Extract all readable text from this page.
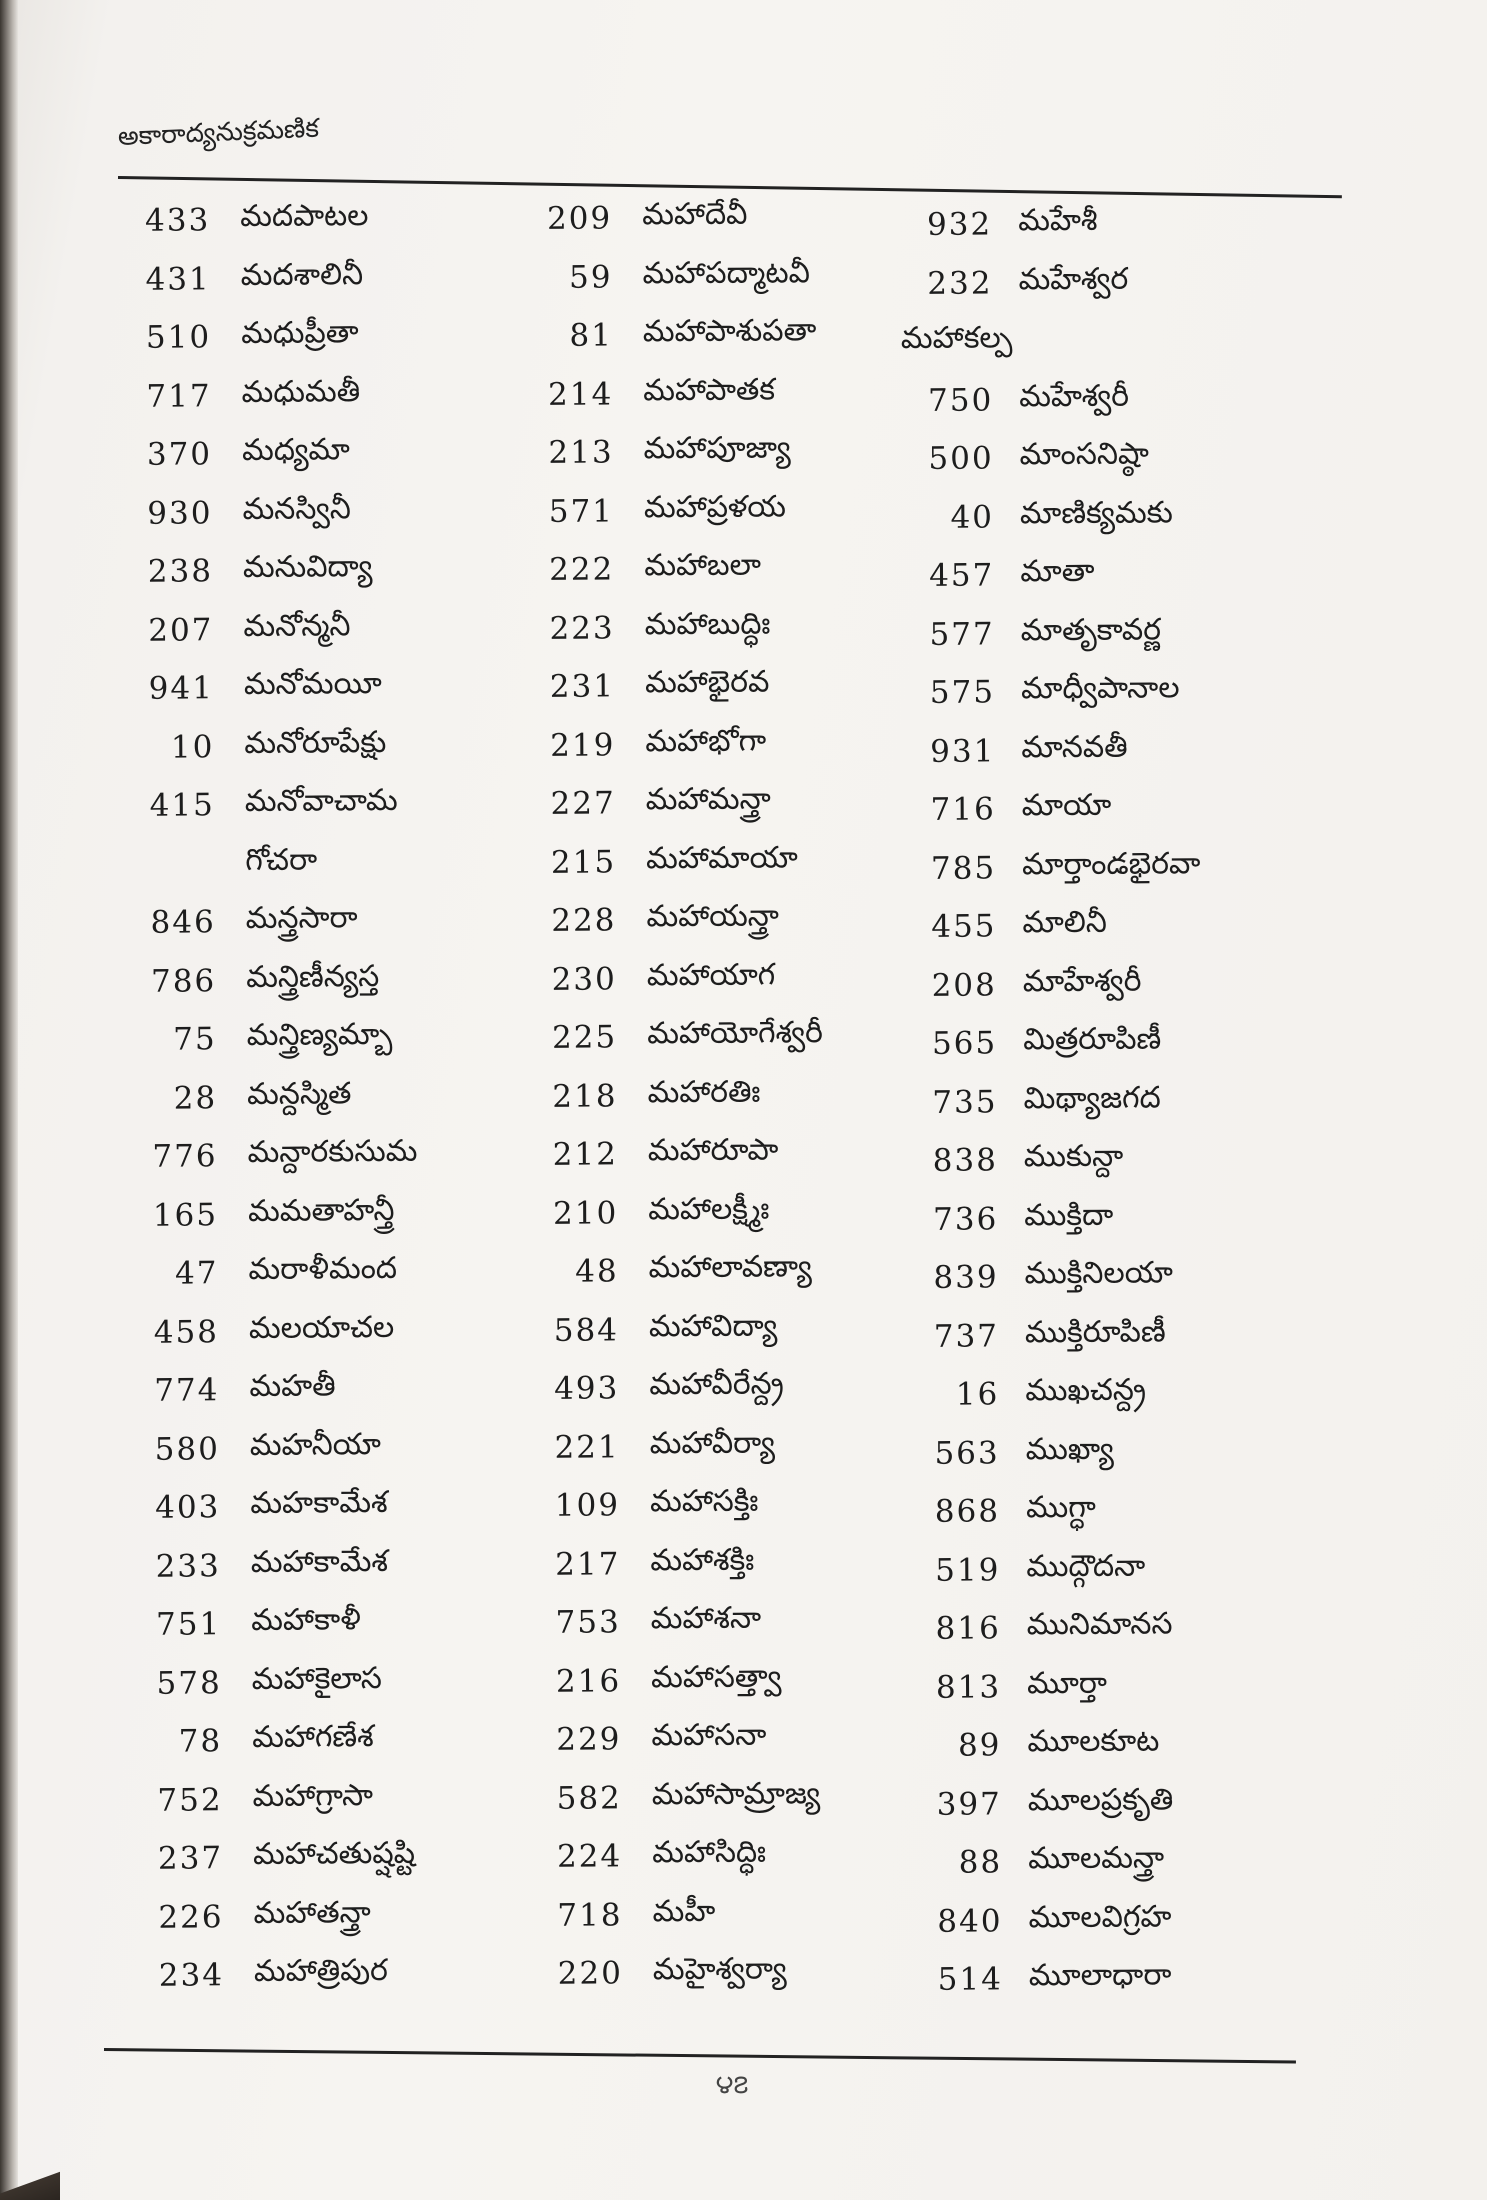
అకారాద్యనుక్రమణిక
433 మదపాటల
431 మదశాలినీ
510 మధుప్రీతా
717 మధుమతీ
370 మధ్యమా
930 మనస్వినీ
238 మనువిద్యా
207 మనోన్మనీ
941 మనోమయీ
10 మనోరూపేక్షు
415 మనోవాచామ
గోచరా
846 మన్త్రసారా
786 మన్త్రిణీన్యస్త
75 మన్త్రిణ్యమ్బా
28 మన్దస్మిత
776 మన్దారకుసుమ
165 మమతాహన్త్రీ
47 మరాళీమంద
458 మలయాచల
774 మహతీ
580 మహనీయా
403 మహకామేశ
233 మహాకామేశ
751 మహాకాళీ
578 మహాకైలాస
78 మహాగణేశ
752 మహాగ్రాసా
237 మహాచతుష్షష్టి
226 మహాతన్త్రా
234 మహాత్రిపుర
209 మహాదేవీ
59 మహాపద్మాటవీ
81 మహాపాశుపతా
214 మహాపాతక
213 మహాపూజ్యా
571 మహాప్రళయ
222 మహాబలా
223 మహాబుద్ధిః
231 మహాభైరవ
219 మహాభోగా
227 మహామన్త్రా
215 మహామాయా
228 మహాయన్త్రా
230 మహాయాగ
225 మహాయోగేశ్వరీ
218 మహారతిః
212 మహారూపా
210 మహాలక్ష్మీః
48 మహాలావణ్యా
584 మహావిద్యా
493 మహావీరేన్ద్ర
221 మహావీర్యా
109 మహాసక్తిః
217 మహాశక్తిః
753 మహాశనా
216 మహాసత్త్వా
229 మహాసనా
582 మహాసామ్రాజ్య
224 మహాసిద్ధిః
718 మహీ
220 మహైశ్వర్యా
932 మహేశీ
232 మహేశ్వర
మహాకల్ప
750 మహేశ్వరీ
500 మాంసనిష్ఠా
40 మాణిక్యమకు
457 మాతా
577 మాతృకావర్ణ
575 మాధ్వీపానాల
931 మానవతీ
716 మాయా
785 మార్తాండభైరవా
455 మాలినీ
208 మాహేశ్వరీ
565 మిత్రరూపిణీ
735 మిథ్యాజగద
838 ముకున్దా
736 ముక్తిదా
839 ముక్తినిలయా
737 ముక్తిరూపిణీ
16 ముఖచన్ద్ర
563 ముఖ్యా
868 ముగ్ధా
519 ముద్గౌదనా
816 మునిమానస
813 మూర్తా
89 మూలకూట
397 మూలప్రకృతి
88 మూలమన్త్రా
840 మూలవిగ్రహ
514 మూలాధారా
౪౭
